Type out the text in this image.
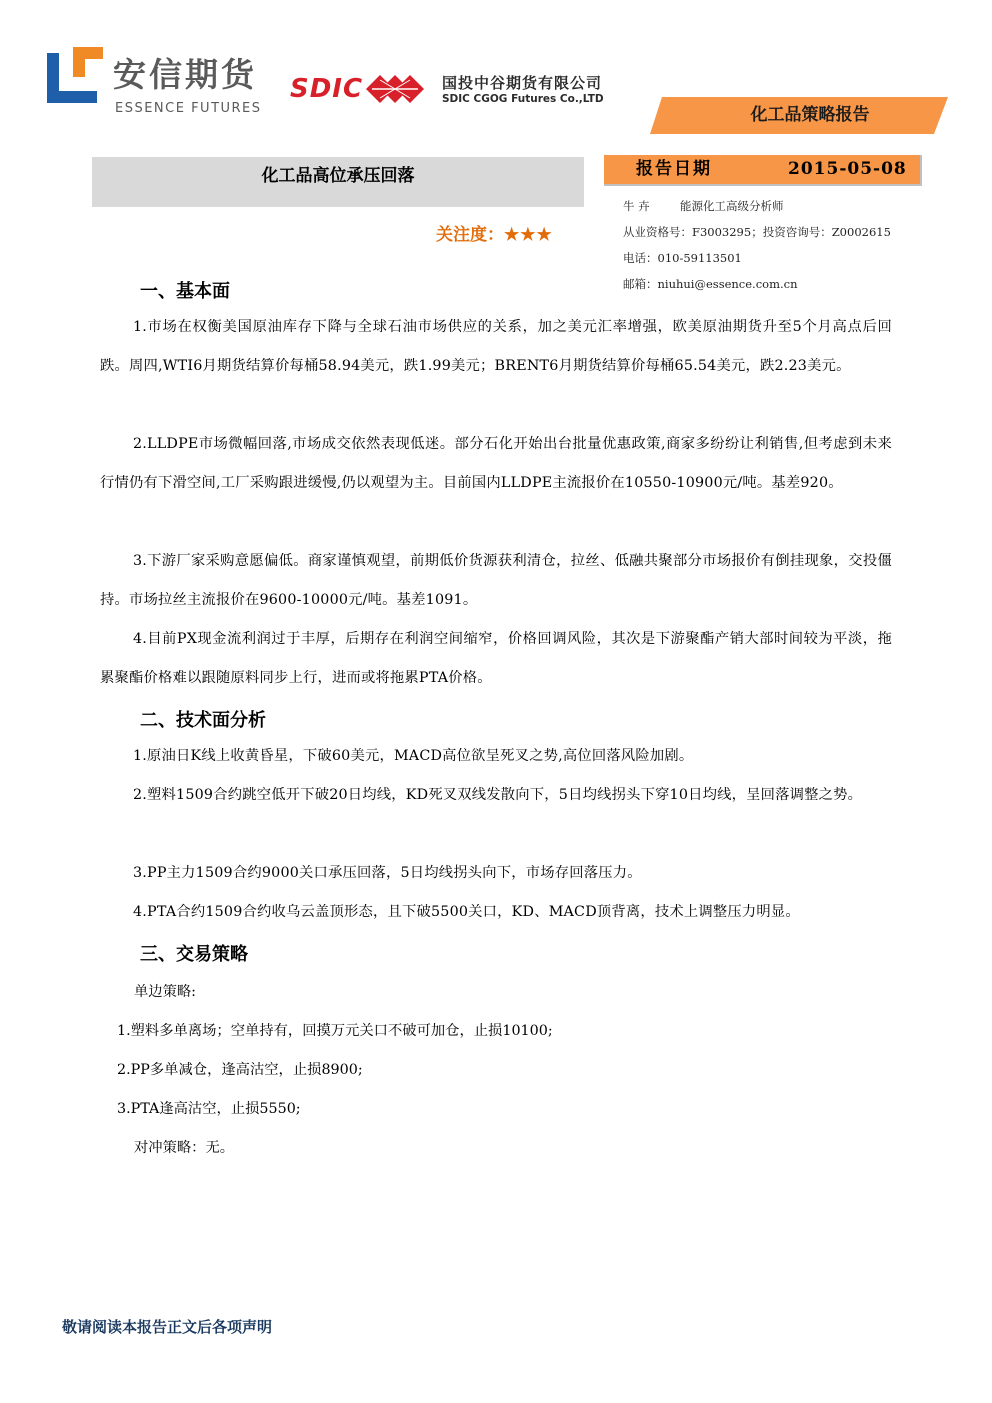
安信期货
ESSENCE FUTURES
SDIC	国投中谷期货有限公司
SDIC CGOG Futures Co.,LTD
化工品策略报告
化工品高位承压回落
关注度：★★★
报告日期	2015-05-08
牛 卉	能源化工高级分析师
从业资格号：F3003295；投资咨询号：Z0002615
电话：010-59113501
邮箱：niuhui@essence.com.cn
一、基本面
1.市场在权衡美国原油库存下降与全球石油市场供应的关系，加之美元汇率增强，欧美原油期货升至5个月高点后回跌。周四,WTI6月期货结算价每桶58.94美元，跌1.99美元；BRENT6月期货结算价每桶65.54美元，跌2.23美元。
2.LLDPE市场微幅回落,市场成交依然表现低迷。部分石化开始出台批量优惠政策,商家多纷纷让利销售,但考虑到未来行情仍有下滑空间,工厂采购跟进缓慢,仍以观望为主。目前国内LLDPE主流报价在10550-10900元/吨。基差920。
3.下游厂家采购意愿偏低。商家谨慎观望，前期低价货源获利清仓，拉丝、低融共聚部分市场报价有倒挂现象，交投僵持。市场拉丝主流报价在9600-10000元/吨。基差1091。
4.目前PX现金流利润过于丰厚，后期存在利润空间缩窄，价格回调风险，其次是下游聚酯产销大部时间较为平淡，拖累聚酯价格难以跟随原料同步上行，进而或将拖累PTA价格。
二、技术面分析
1.原油日K线上收黄昏星，下破60美元，MACD高位欲呈死叉之势,高位回落风险加剧。
2.塑料1509合约跳空低开下破20日均线，KD死叉双线发散向下，5日均线拐头下穿10日均线，呈回落调整之势。
3.PP主力1509合约9000关口承压回落，5日均线拐头向下，市场存回落压力。
4.PTA合约1509合约收乌云盖顶形态，且下破5500关口，KD、MACD顶背离，技术上调整压力明显。
三、交易策略
单边策略:
1.塑料多单离场；空单持有，回摸万元关口不破可加仓，止损10100;
2.PP多单减仓，逢高沽空，止损8900;
3.PTA逢高沽空，止损5550;
对冲策略：无。
敬请阅读本报告正文后各项声明
